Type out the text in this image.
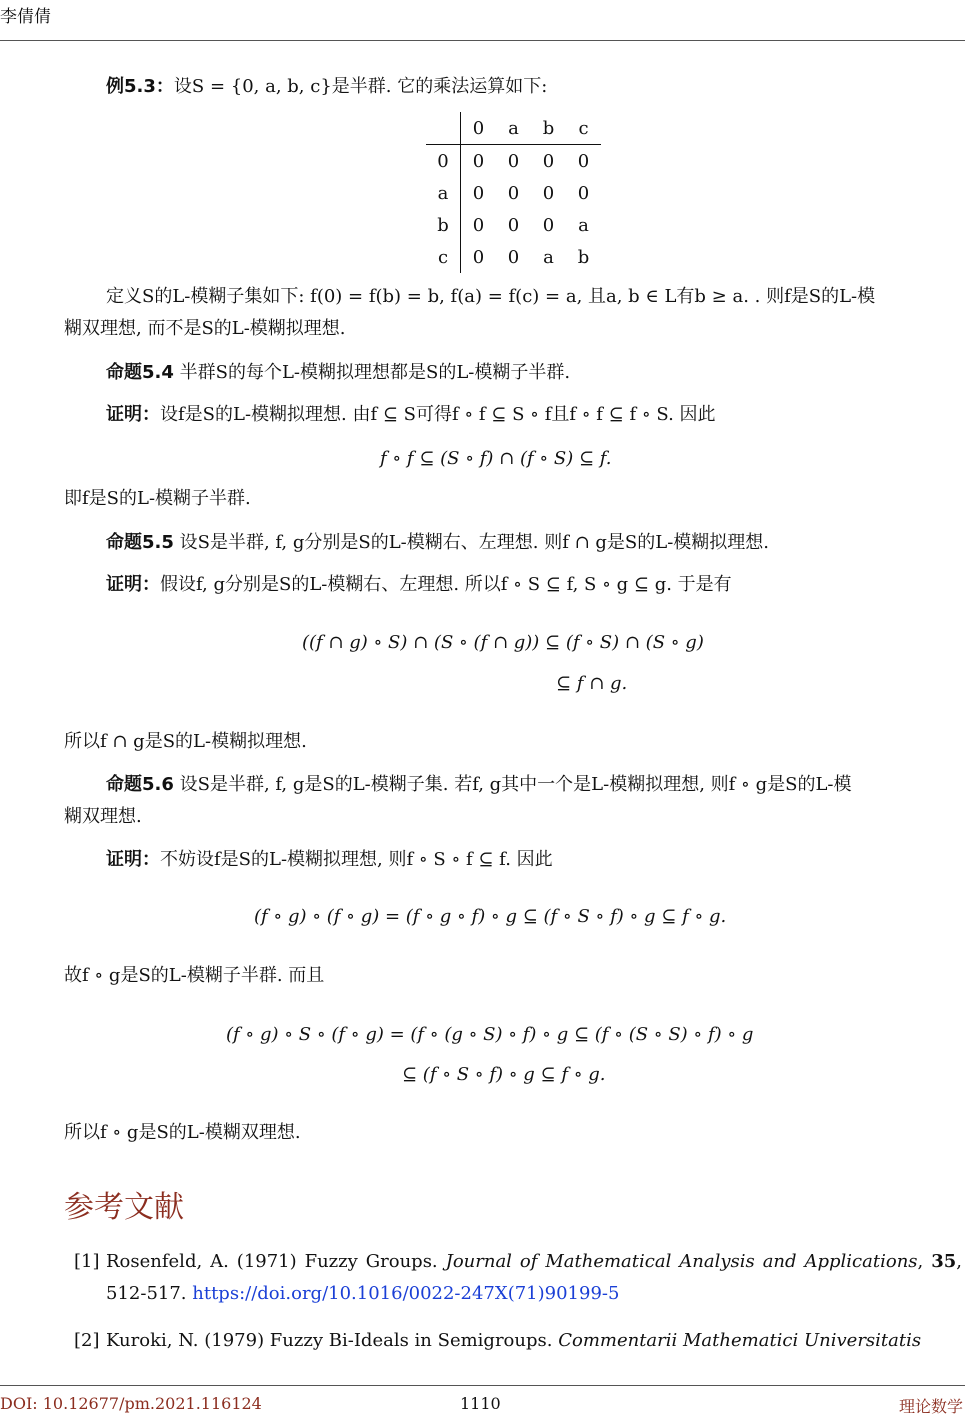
李倩倩
例5.3：设S = {0, a, b, c}是半群. 它的乘法运算如下:
	0	a	b	c
0	0	0	0	0
a	0	0	0	0
b	0	0	0	a
c	0	0	a	b
定义S的L-模糊子集如下: f(0) = f(b) = b, f(a) = f(c) = a, 且a, b ∈ L有b ≥ a. . 则f是S的L-模
糊双理想, 而不是S的L-模糊拟理想.
命题5.4 半群S的每个L-模糊拟理想都是S的L-模糊子半群.
证明：设f是S的L-模糊拟理想. 由f ⊆ S可得f ∘ f ⊆ S ∘ f且f ∘ f ⊆ f ∘ S. 因此
f ∘ f ⊆ (S ∘ f) ∩ (f ∘ S) ⊆ f.
即f是S的L-模糊子半群.
命题5.5 设S是半群, f, g分别是S的L-模糊右、左理想. 则f ∩ g是S的L-模糊拟理想.
证明：假设f, g分别是S的L-模糊右、左理想. 所以f ∘ S ⊆ f, S ∘ g ⊆ g. 于是有
((f ∩ g) ∘ S) ∩ (S ∘ (f ∩ g)) ⊆ (f ∘ S) ∩ (S ∘ g)
⊆ f ∩ g.
所以f ∩ g是S的L-模糊拟理想.
命题5.6 设S是半群, f, g是S的L-模糊子集. 若f, g其中一个是L-模糊拟理想, 则f ∘ g是S的L-模
糊双理想.
证明：不妨设f是S的L-模糊拟理想, 则f ∘ S ∘ f ⊆ f. 因此
(f ∘ g) ∘ (f ∘ g) = (f ∘ g ∘ f) ∘ g ⊆ (f ∘ S ∘ f) ∘ g ⊆ f ∘ g.
故f ∘ g是S的L-模糊子半群. 而且
(f ∘ g) ∘ S ∘ (f ∘ g) = (f ∘ (g ∘ S) ∘ f) ∘ g ⊆ (f ∘ (S ∘ S) ∘ f) ∘ g
⊆ (f ∘ S ∘ f) ∘ g ⊆ f ∘ g.
所以f ∘ g是S的L-模糊双理想.
参考文献
[1] Rosenfeld, A. (1971) Fuzzy Groups. Journal of Mathematical Analysis and Applications, 35, 512-517. https://doi.org/10.1016/0022-247X(71)90199-5
[2] Kuroki, N. (1979) Fuzzy Bi-Ideals in Semigroups. Commentarii Mathematici Universitatis
DOI: 10.12677/pm.2021.116124	1110	理论数学
